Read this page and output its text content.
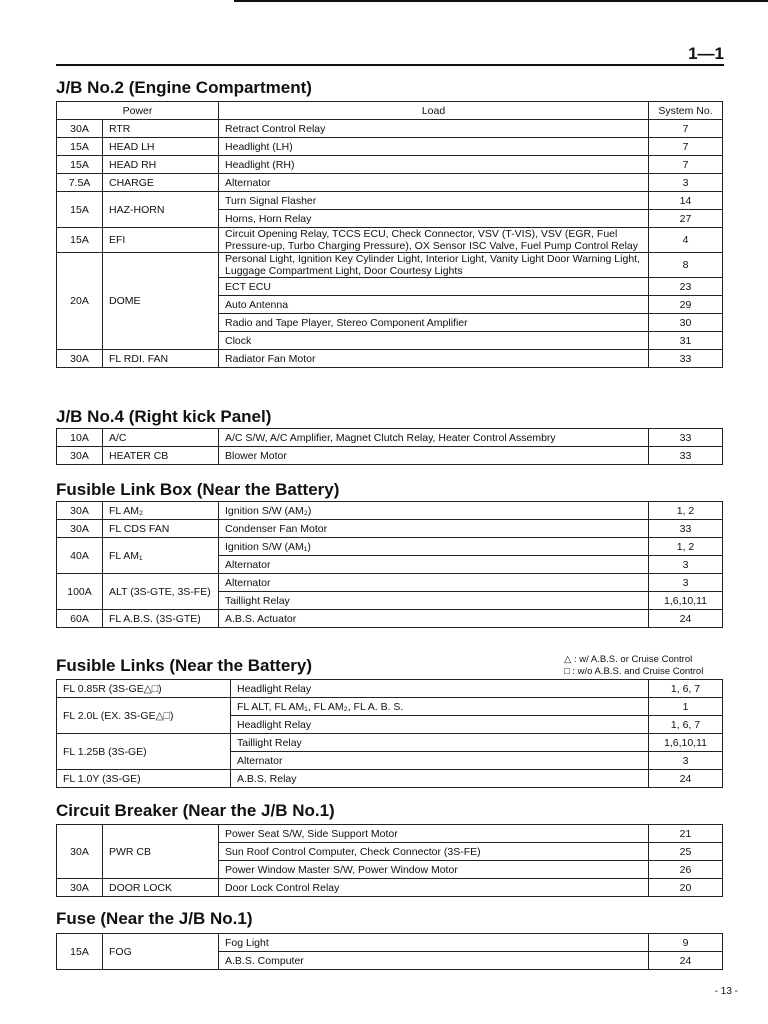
1—1
J/B No.2 (Engine Compartment)
Power		Load	System No.
30A	RTR	Retract Control Relay	7
15A	HEAD LH	Headlight (LH)	7
15A	HEAD RH	Headlight (RH)	7
7.5A	CHARGE	Alternator	3
15A	HAZ-HORN	Turn Signal Flasher	14
		Horns, Horn Relay	27
15A	EFI	Circuit Opening Relay, TCCS ECU, Check Connector, VSV (T-VIS), VSV (EGR, Fuel Pressure-up, Turbo Charging Pressure), OX Sensor ISC Valve, Fuel Pump Control Relay	4
20A	DOME	Personal Light, Ignition Key Cylinder Light, Interior Light, Vanity Light Door Warning Light, Luggage Compartment Light, Door Courtesy Lights	8
		ECT ECU	23
		Auto Antenna	29
		Radio and Tape Player, Stereo Component Amplifier	30
		Clock	31
30A	FL RDI. FAN	Radiator Fan Motor	33
J/B No.4 (Right kick Panel)
10A	A/C	A/C S/W, A/C Amplifier, Magnet Clutch Relay, Heater Control Assembry	33
30A	HEATER CB	Blower Motor	33
Fusible Link Box (Near the Battery)
30A	FL AM₂	Ignition S/W (AM₂)	1, 2
30A	FL CDS FAN	Condenser Fan Motor	33
40A	FL AM₁	Ignition S/W (AM₁)	1, 2
		Alternator	3
100A	ALT (3S-GTE, 3S-FE)	Alternator	3
		Taillight Relay	1,6,10,11
60A	FL A.B.S. (3S-GTE)	A.B.S. Actuator	24
Fusible Links (Near the Battery)	△ : w/ A.B.S. or Cruise Control
□ : w/o A.B.S. and Cruise Control
FL 0.85R (3S-GE△□)	Headlight Relay	1, 6, 7
FL 2.0L (EX. 3S-GE△□)	FL ALT, FL AM₁, FL AM₂, FL A. B. S.	1
	Headlight Relay	1, 6, 7
FL 1.25B (3S-GE)	Taillight Relay	1,6,10,11
	Alternator	3
FL 1.0Y (3S-GE)	A.B.S. Relay	24
Circuit Breaker (Near the J/B No.1)
30A	PWR CB	Power Seat S/W, Side Support Motor	21
		Sun Roof Control Computer, Check Connector (3S-FE)	25
		Power Window Master S/W, Power Window Motor	26
30A	DOOR LOCK	Door Lock Control Relay	20
Fuse (Near the J/B No.1)
15A	FOG	Fog Light	9
		A.B.S. Computer	24
- 13 -
